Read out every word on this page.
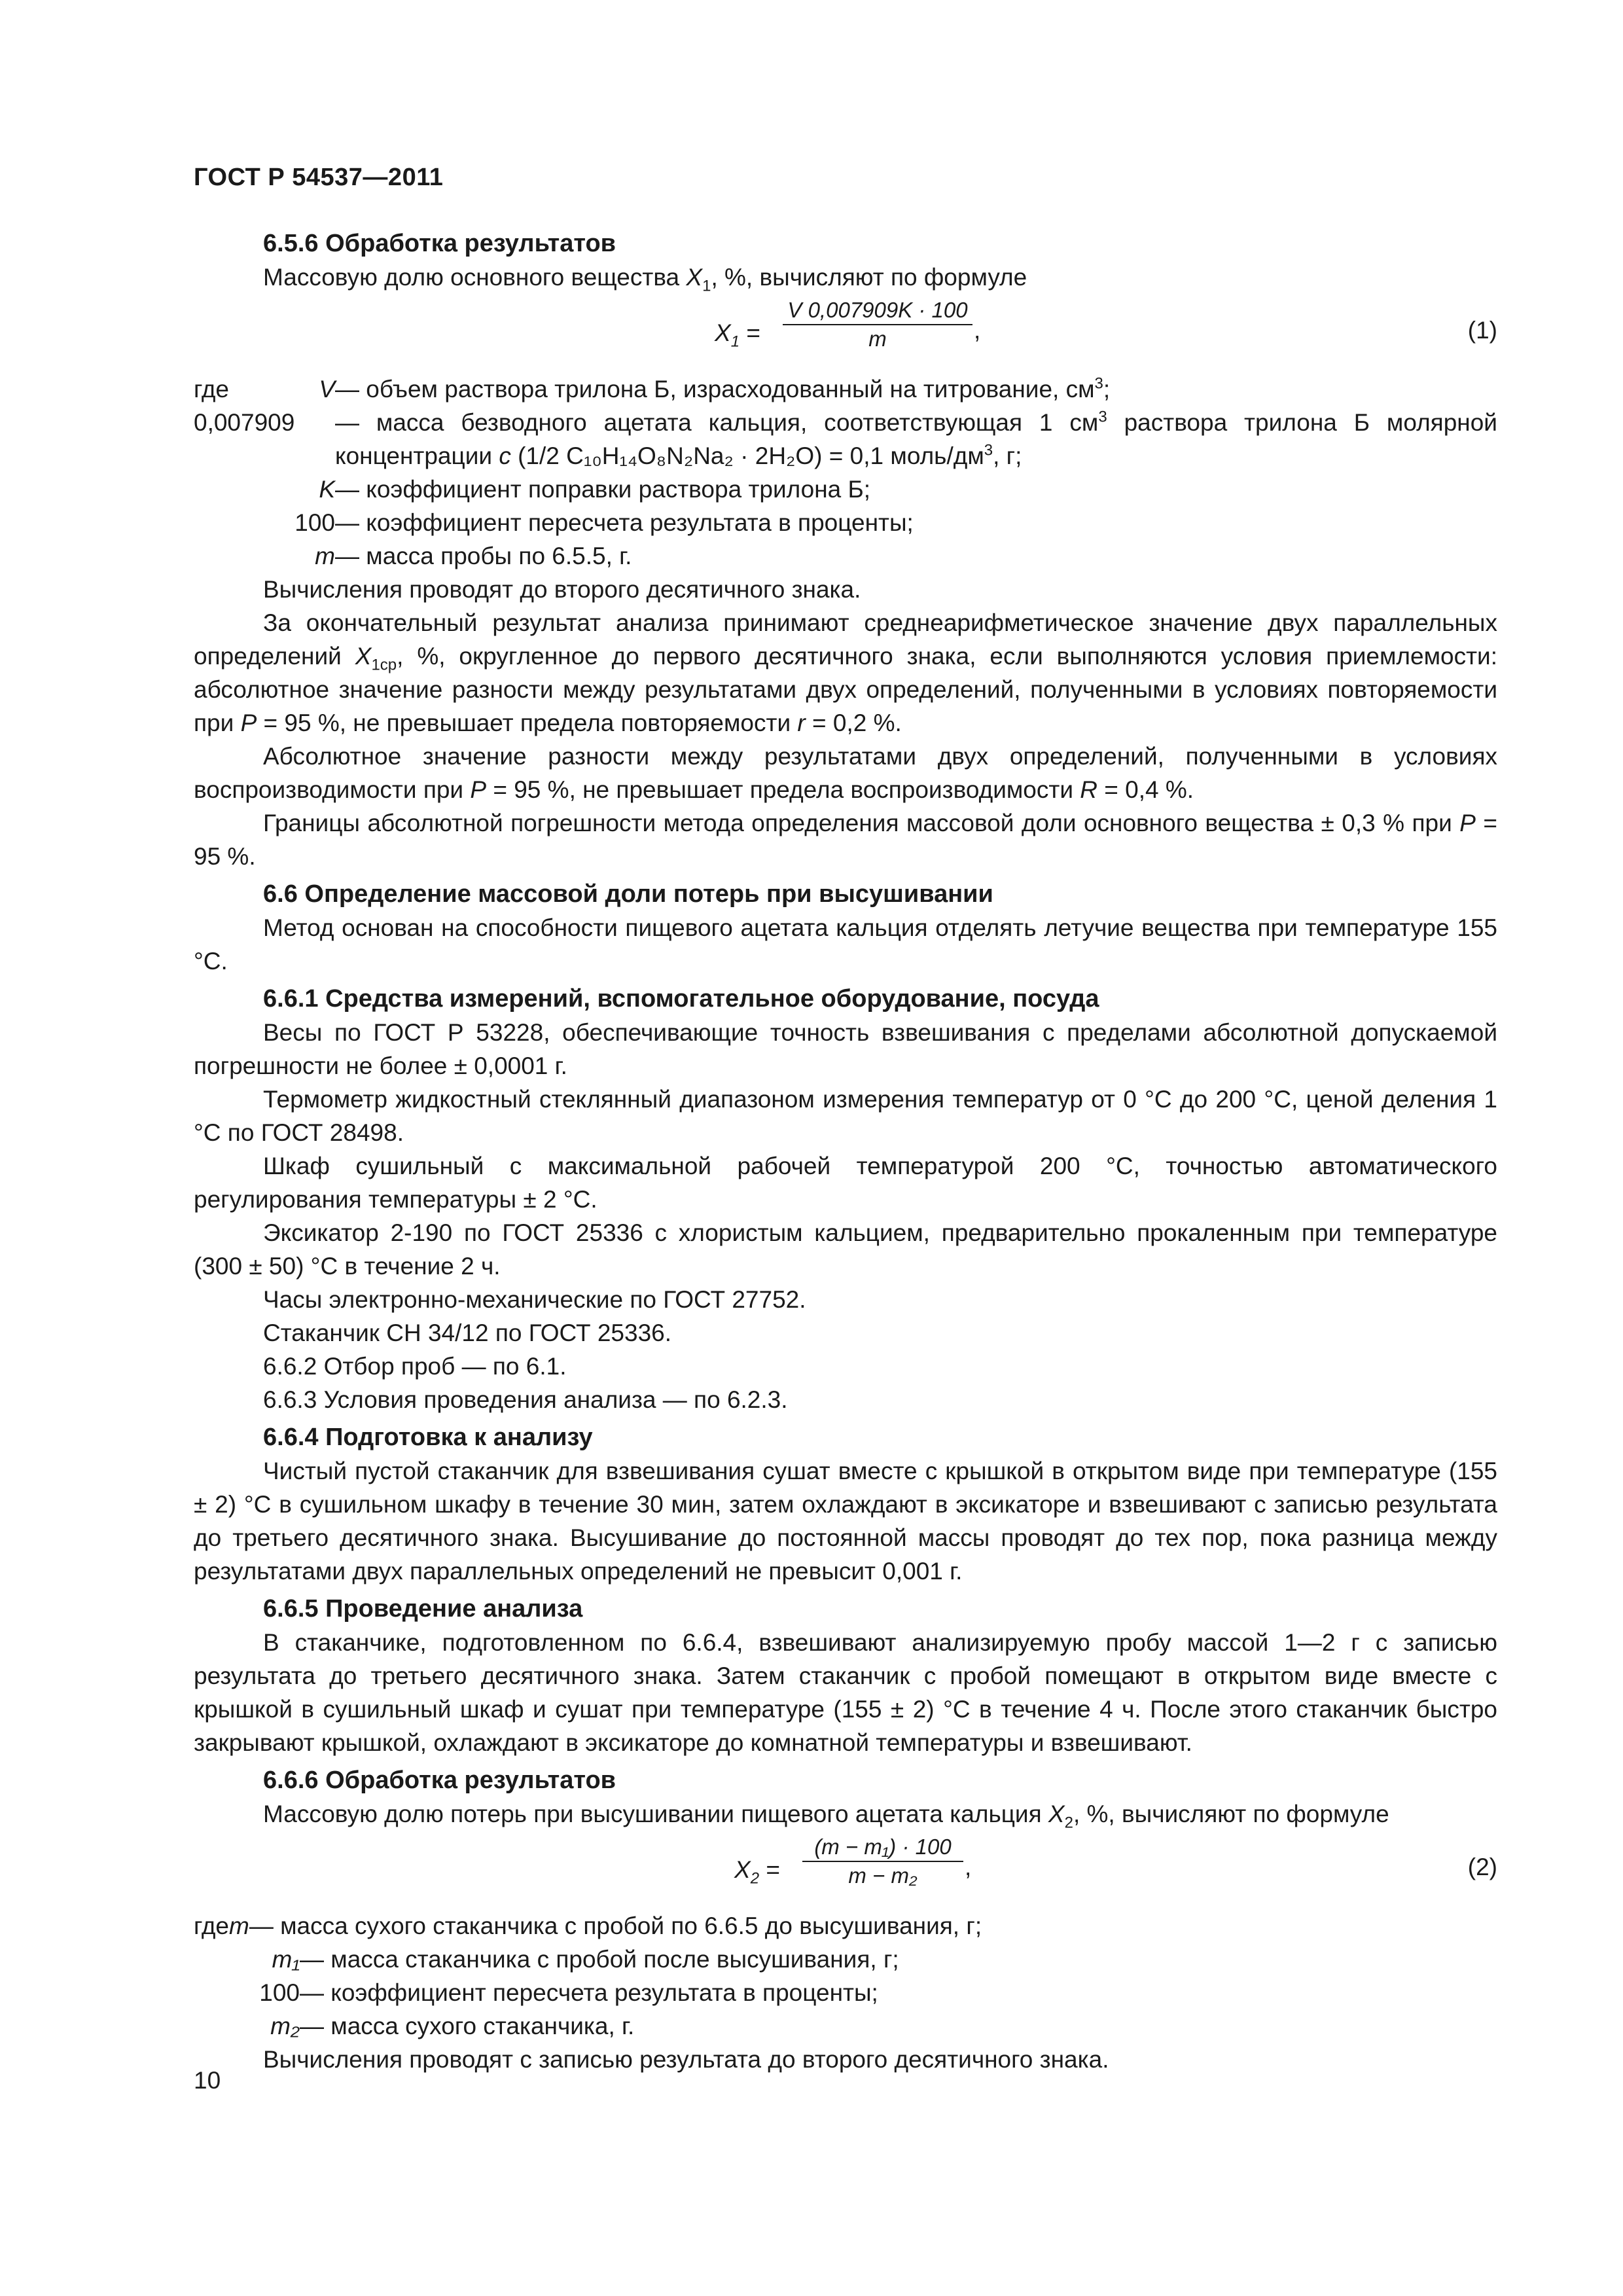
ГОСТ Р 54537—2011

6.5.6 Обработка результатов

Массовую долю основного вещества $X_1$, %, вычисляют по формуле

$X_1$ =
V 0,007909K · 100
m	,	(1)
где	V — объем раствора трилона Б, израсходованный на титрование, $см^3$;
0,007909	— масса безводного ацетата кальция, соответствующая 1 $см^3$ раствора трилона Б молярной концентрации c (1/2 C₁₀H₁₄O₈N₂Na₂ · 2H₂O) = 0,1 моль/$дм^3$, г;
K — коэффициент поправки раствора трилона Б;
100 — коэффициент пересчета результата в проценты;
m — масса пробы по 6.5.5, г.

Вычисления проводят до второго десятичного знака.

За окончательный результат анализа принимают среднеарифметическое значение двух параллельных определений $X_{1ср}$, %, округленное до первого десятичного знака, если выполняются условия приемлемости: абсолютное значение разности между результатами двух определений, полученными в условиях повторяемости при P = 95 %, не превышает предела повторяемости r = 0,2 %.

Абсолютное значение разности между результатами двух определений, полученными в условиях воспроизводимости при P = 95 %, не превышает предела воспроизводимости R = 0,4 %.

Границы абсолютной погрешности метода определения массовой доли основного вещества ± 0,3 % при P = 95 %.

6.6 Определение массовой доли потерь при высушивании

Метод основан на способности пищевого ацетата кальция отделять летучие вещества при температуре 155 °С.

6.6.1 Средства измерений, вспомогательное оборудование, посуда

Весы по ГОСТ Р 53228, обеспечивающие точность взвешивания с пределами абсолютной допускаемой погрешности не более ± 0,0001 г.

Термометр жидкостный стеклянный диапазоном измерения температур от 0 °С до 200 °С, ценой деления 1 °С по ГОСТ 28498.

Шкаф сушильный с максимальной рабочей температурой 200 °С, точностью автоматического регулирования температуры ± 2 °С.

Эксикатор 2-190 по ГОСТ 25336 с хлористым кальцием, предварительно прокаленным при температуре (300 ± 50) °С в течение 2 ч.

Часы электронно-механические по ГОСТ 27752.

Стаканчик СН 34/12 по ГОСТ 25336.

6.6.2 Отбор проб — по 6.1.

6.6.3 Условия проведения анализа — по 6.2.3.

6.6.4 Подготовка к анализу

Чистый пустой стаканчик для взвешивания сушат вместе с крышкой в открытом виде при температуре (155 ± 2) °С в сушильном шкафу в течение 30 мин, затем охлаждают в эксикаторе и взвешивают с записью результата до третьего десятичного знака. Высушивание до постоянной массы проводят до тех пор, пока разница между результатами двух параллельных определений не превысит 0,001 г.

6.6.5 Проведение анализа

В стаканчике, подготовленном по 6.6.4, взвешивают анализируемую пробу массой 1—2 г с записью результата до третьего десятичного знака. Затем стаканчик с пробой помещают в открытом виде вместе с крышкой в сушильный шкаф и сушат при температуре (155 ± 2) °С в течение 4 ч. После этого стаканчик быстро закрывают крышкой, охлаждают в эксикаторе до комнатной температуры и взвешивают.

6.6.6 Обработка результатов

Массовую долю потерь при высушивании пищевого ацетата кальция $X_2$, %, вычисляют по формуле

$X_2$ =
(m − m₁) · 100
m − m₂	,	(2)
где m — масса сухого стаканчика с пробой по 6.6.5 до высушивания, г;
m₁ — масса стаканчика с пробой после высушивания, г;
100 — коэффициент пересчета результата в проценты;
m₂ — масса сухого стаканчика, г.

Вычисления проводят с записью результата до второго десятичного знака.

10
